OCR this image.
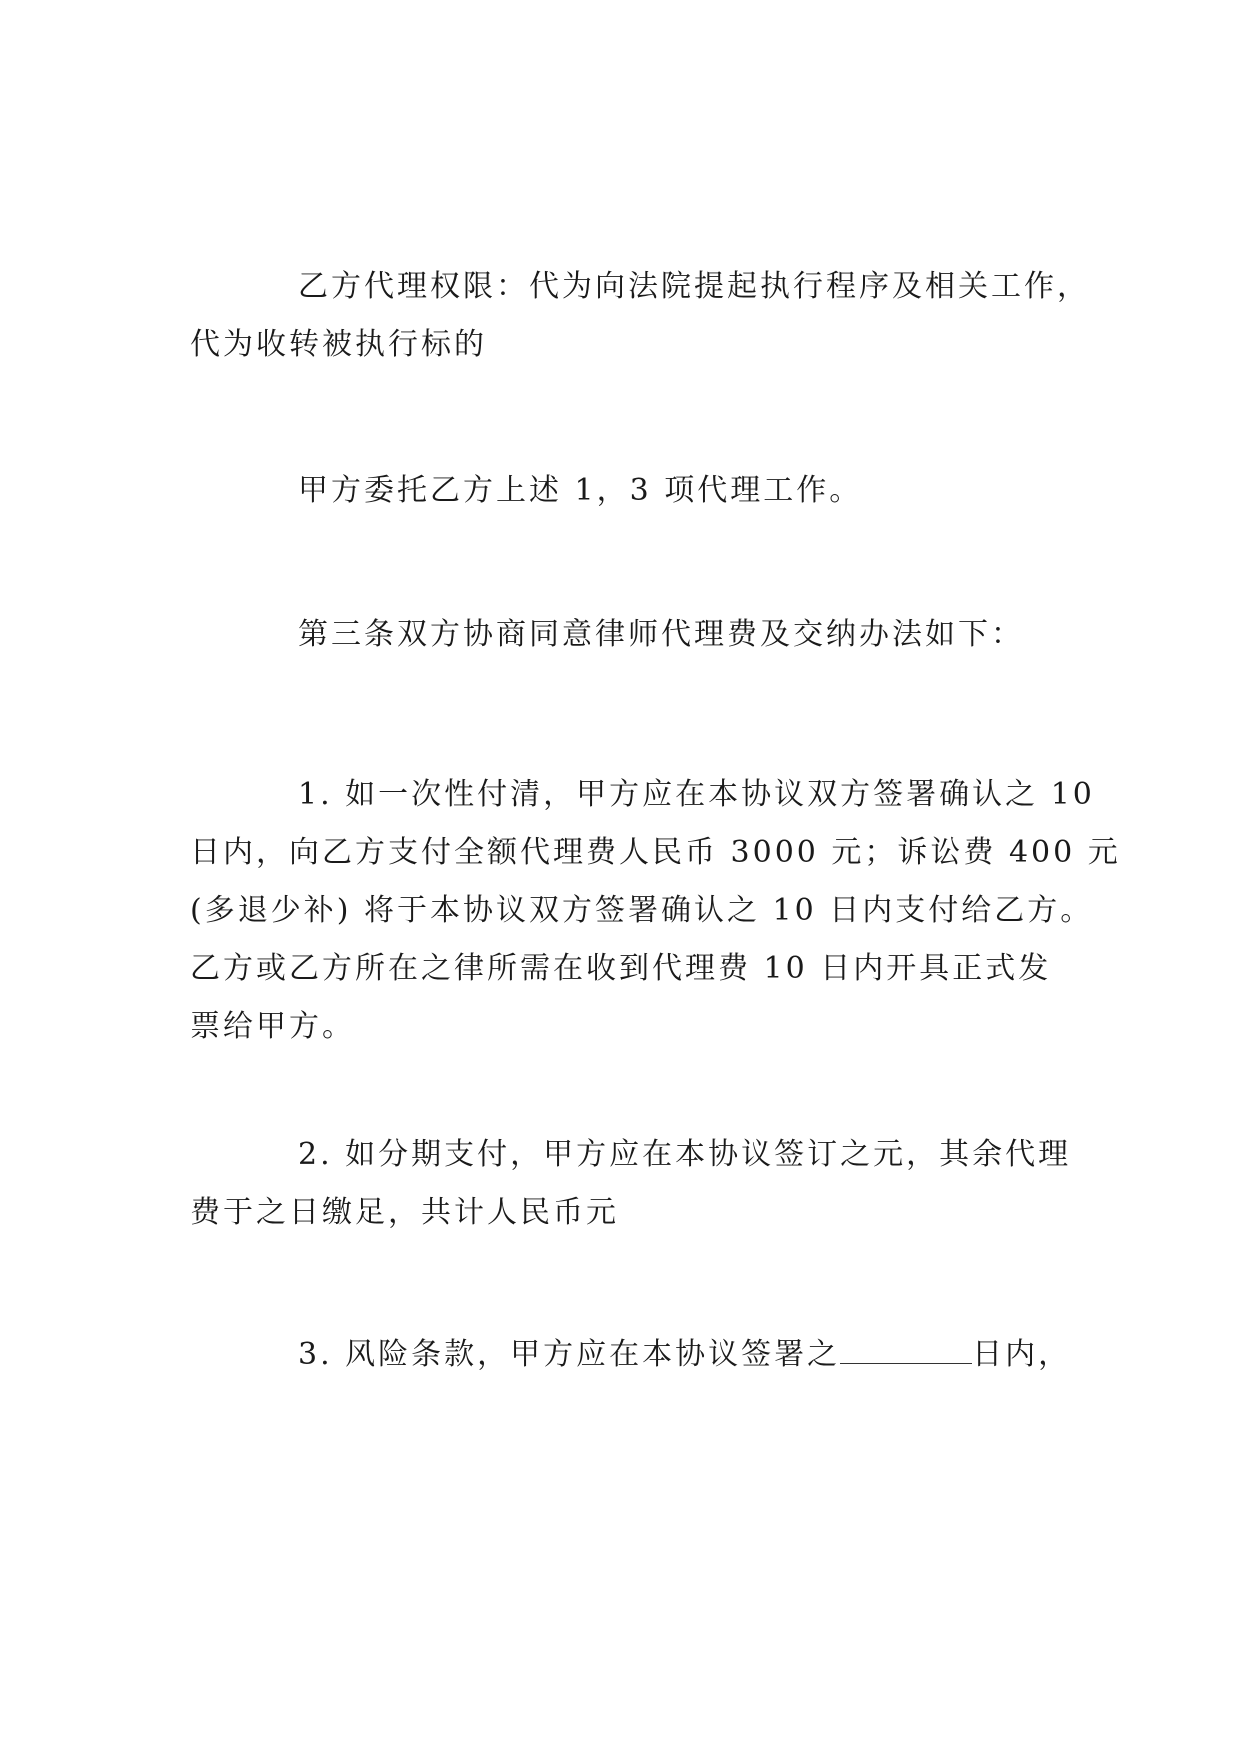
乙方代理权限：代为向法院提起执行程序及相关工作，
代为收转被执行标的
甲方委托乙方上述 1，3 项代理工作。
第三条双方协商同意律师代理费及交纳办法如下：
1. 如一次性付清，甲方应在本协议双方签署确认之 10
日内，向乙方支付全额代理费人民币 3000 元；诉讼费 400 元
(多退少补) 将于本协议双方签署确认之 10 日内支付给乙方。
乙方或乙方所在之律所需在收到代理费 10 日内开具正式发
票给甲方。
2. 如分期支付，甲方应在本协议签订之元，其余代理
费于之日缴足，共计人民币元
3. 风险条款，甲方应在本协议签署之	日内，
